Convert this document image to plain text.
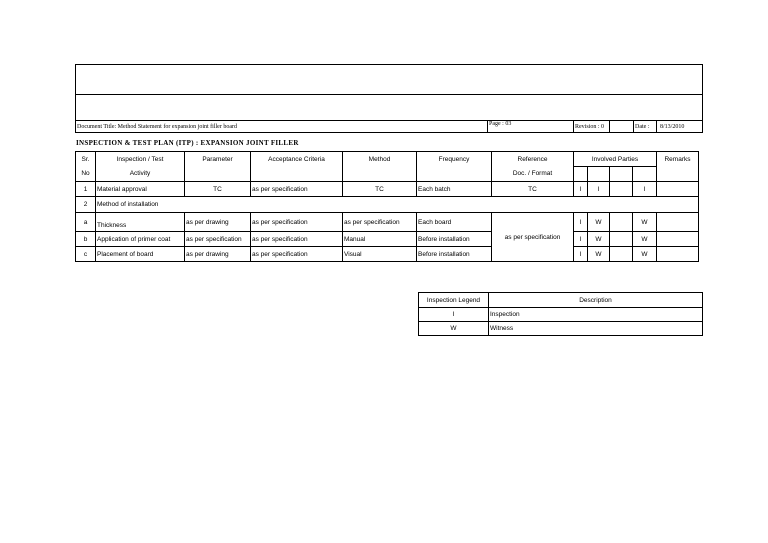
Document Title: Method Statement for expansion joint filler board	Page : 03	Revision : 0	Date : 8/13/2010
INSPECTION & TEST PLAN (ITP) : EXPANSION JOINT FILLER
Sr.	Inspection / Test	Parameter	Acceptance Criteria	Method	Frequency	Reference	Involved Parties				Remarks
No	Activity					Doc. / Format					
1	Material approval	TC	as per specification	TC	Each batch	TC	I	I		I	
2	Method of installation										
a	Thickness	as per drawing	as per specification	as per specification	Each board	as per specification	I	W		W	
b	Application of primer coat	as per specification	as per specification	Manual	Before installation		I	W		W	
c	Placement of board	as per drawing	as per specification	Visual	Before installation		I	W		W	
Inspection Legend	Description
I	Inspection
W	Witness
